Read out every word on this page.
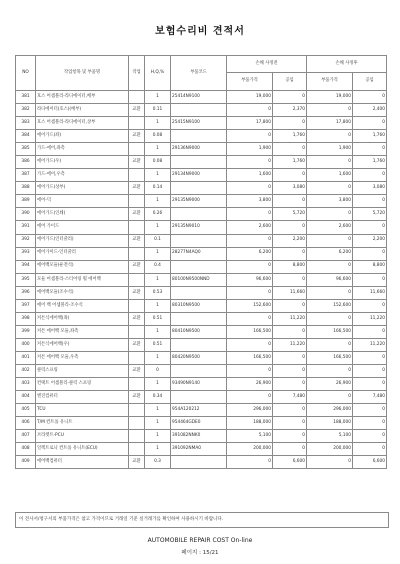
보험수리비 견적서
NO	작업항목 및 부품명	작업	H,Q,%	부품코드	손해 사정전		손해 사정후	
					부품가격	공임	부품가격	공임
381	호스 어셈블리-라디에이터,배부		1	25414N9100	19,000	0	19,000	0
382	라디에이터(호스)(배부)	교환	0.11		0	2,370	0	2,400
383	호스 어셈블리-라디에이터,상부		1	25415N9100	17,800	0	17,800	0
384	에어가드(좌)	교환	0.08		0	1,760	0	1,760
385	가드-에어,좌측		1	29136N9000	1,900	0	1,900	0
386	에어가드(우)	교환	0.08		0	1,760	0	1,760
387	가드-에어,우측		1	29134N9000	1,600	0	1,600	0
388	에어가드(상부)	교환	0.14		0	3,080	0	3,080
389	에어-덕		1	29135N9000	3,800	0	3,800	0
390	에어가드(인쇄)	교환	0.26		0	5,720	0	5,720
391	에어 가이드		1	29135N9010	2,600	0	2,600	0
392	에어가드(인터쿨러)	교환	0.1		0	2,200	0	2,200
393	에어가이드-인터쿨러		1	28277N4AQ0	6,200	0	6,200	0
394	에어백모듈(운전석)	교환	0.4		0	8,800	0	8,800
395	모듈 어셈블리-스티어링 휠 에어백		1	80100N9500NND	96,600	0	96,600	0
396	에어백모듈(조수석)	교환	0.53		0	11,660	0	11,660
397	에어 백 어셈블리-조수석		1	80310N9500	152,600	0	152,600	0
398	커튼식에어백(좌)	교환	0.51		0	11,220	0	11,220
399	커튼 에어백 모듈,좌측		1	80410N9500	166,500	0	166,500	0
400	커튼식에어백(우)	교환	0.51		0	11,220	0	11,220
401	커튼 에어백 모듈,우측		1	80420N9500	166,500	0	166,500	0
402	클럭스프링	교환	0		0	0	0	0
403	컨택트 어셈블리-클럭 스프링		1	93490N9140	26,900	0	26,900	0
404	엔진컴퓨터	교환	0.34		0	7,480	0	7,480
405	TCU		1	954A120212	296,000	0	296,000	0
406	T/M 컨트롤 유니트		1	954464GDE0	188,000	0	188,000	0
407	브라켓트-PCU		1	391082NNK0	5,100	0	5,100	0
408	일렉트로닉 컨트롤 유니트(ECU)		1	391092NMA0	200,000	0	200,000	0
409	에어백컴퓨터	교환	0.3		0	6,600	0	6,600
이 견사서/청구서의 부품가격은 참고 가격이므로 거래일 기준 실거래가를 확인하여 사용하시기 바랍니다.
AUTOMOBILE REPAIR COST On-line
페이지 : 15/21
